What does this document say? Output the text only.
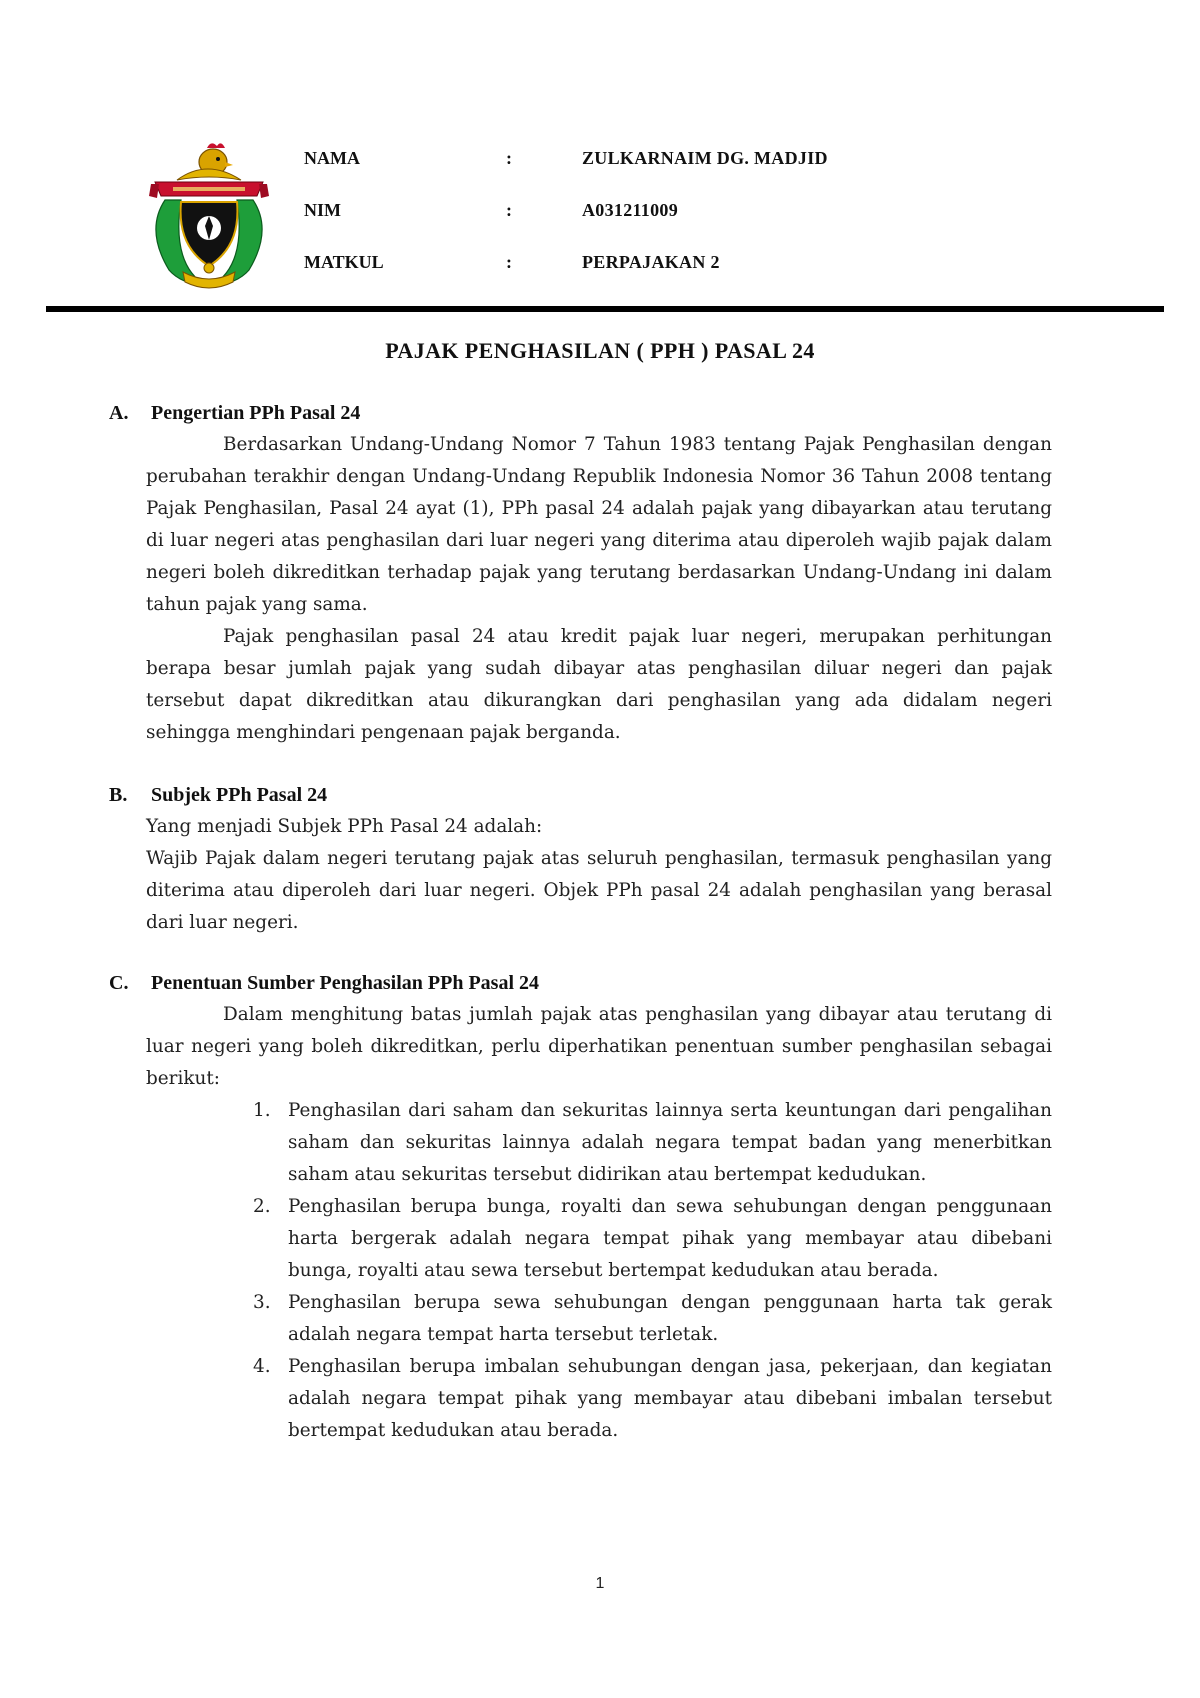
NAMA	:	ZULKARNAIM DG. MADJID
NIM	:	A031211009
MATKUL	:	PERPAJAKAN 2
PAJAK PENGHASILAN ( PPH ) PASAL 24
A. Pengertian PPh Pasal 24

Berdasarkan Undang-Undang Nomor 7 Tahun 1983 tentang Pajak Penghasilan dengan perubahan terakhir dengan Undang-Undang Republik Indonesia Nomor 36 Tahun 2008 tentang Pajak Penghasilan, Pasal 24 ayat (1), PPh pasal 24 adalah pajak yang dibayarkan atau terutang di luar negeri atas penghasilan dari luar negeri yang diterima atau diperoleh wajib pajak dalam negeri boleh dikreditkan terhadap pajak yang terutang berdasarkan Undang-Undang ini dalam tahun pajak yang sama.

Pajak penghasilan pasal 24 atau kredit pajak luar negeri, merupakan perhitungan berapa besar jumlah pajak yang sudah dibayar atas penghasilan diluar negeri dan pajak tersebut dapat dikreditkan atau dikurangkan dari penghasilan yang ada didalam negeri sehingga menghindari pengenaan pajak berganda.

B. Subjek PPh Pasal 24

Yang menjadi Subjek PPh Pasal 24 adalah:

Wajib Pajak dalam negeri terutang pajak atas seluruh penghasilan, termasuk penghasilan yang diterima atau diperoleh dari luar negeri. Objek PPh pasal 24 adalah penghasilan yang berasal dari luar negeri.

C. Penentuan Sumber Penghasilan PPh Pasal 24

Dalam menghitung batas jumlah pajak atas penghasilan yang dibayar atau terutang di luar negeri yang boleh dikreditkan, perlu diperhatikan penentuan sumber penghasilan sebagai berikut:

1. Penghasilan dari saham dan sekuritas lainnya serta keuntungan dari pengalihan saham dan sekuritas lainnya adalah negara tempat badan yang menerbitkan saham atau sekuritas tersebut didirikan atau bertempat kedudukan.
2. Penghasilan berupa bunga, royalti dan sewa sehubungan dengan penggunaan harta bergerak adalah negara tempat pihak yang membayar atau dibebani bunga, royalti atau sewa tersebut bertempat kedudukan atau berada.
3. Penghasilan berupa sewa sehubungan dengan penggunaan harta tak gerak adalah negara tempat harta tersebut terletak.
4. Penghasilan berupa imbalan sehubungan dengan jasa, pekerjaan, dan kegiatan adalah negara tempat pihak yang membayar atau dibebani imbalan tersebut bertempat kedudukan atau berada.
1
